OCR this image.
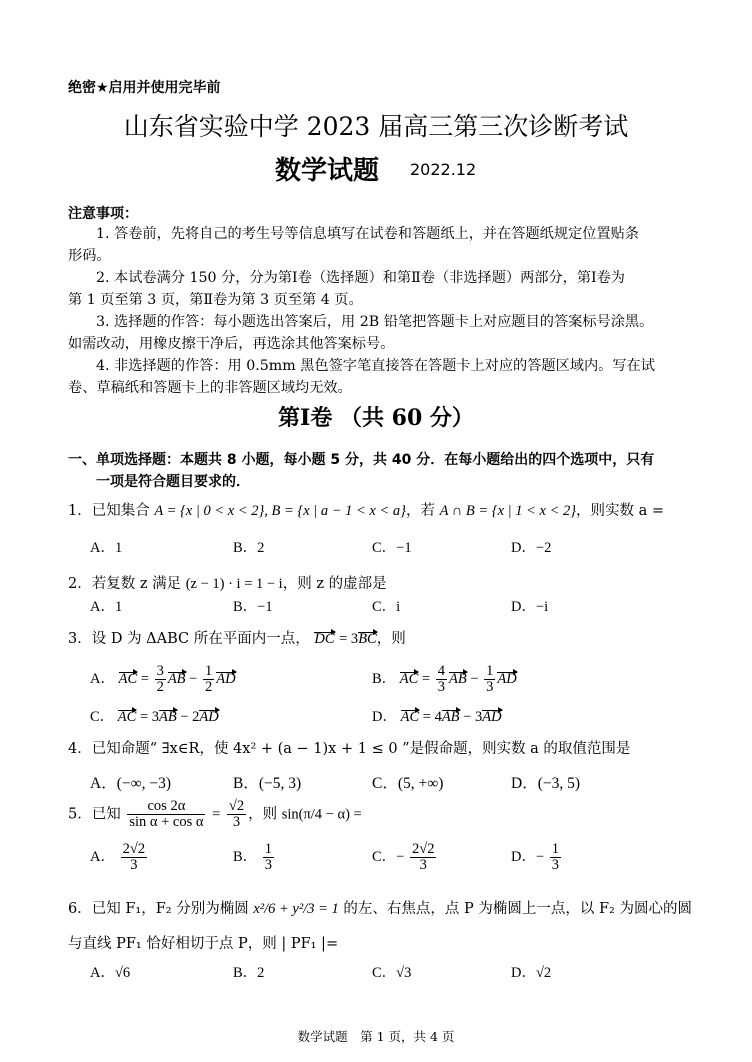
绝密★启用并使用完毕前
山东省实验中学 2023 届高三第三次诊断考试
数学试题 2022.12
注意事项：
1. 答卷前，先将自己的考生号等信息填写在试卷和答题纸上，并在答题纸规定位置贴条
形码。
2. 本试卷满分 150 分，分为第Ⅰ卷（选择题）和第Ⅱ卷（非选择题）两部分，第Ⅰ卷为
第 1 页至第 3 页，第Ⅱ卷为第 3 页至第 4 页。
3. 选择题的作答：每小题选出答案后，用 2B 铅笔把答题卡上对应题目的答案标号涂黑。
如需改动，用橡皮擦干净后，再选涂其他答案标号。
4. 非选择题的作答：用 0.5mm 黑色签字笔直接答在答题卡上对应的答题区域内。写在试
卷、草稿纸和答题卡上的非答题区域均无效。
第Ⅰ卷 （共 60 分）
一、单项选择题：本题共 8 小题，每小题 5 分，共 40 分．在每小题给出的四个选项中，只有
一项是符合题目要求的．
1．已知集合 A = {x | 0 < x < 2}, B = {x | a − 1 < x < a}，若 A ∩ B = {x | 1 < x < 2}，则实数 a =
A．1	B．2	C．−1	D．−2
2．若复数 z 满足 (z − 1) · i = 1 − i，则 z 的虚部是
A．1	B．−1	C．i	D．−i
3．设 D 为 ΔABC 所在平面内一点， DC = 3BC，则
A． AC = $\frac{3}{2}$ AB − $\frac{1}{2}$ AD	B． AC = $\frac{4}{3}$ AB − $\frac{1}{3}$ AD
C． AC = 3AB − 2AD	D． AC = 4AB − 3AD
4．已知命题“ ∃x∈R，使 4x² + (a − 1)x + 1 ≤ 0 ”是假命题，则实数 a 的取值范围是
A．(−∞, −3)	B．(−5, 3)	C．(5, +∞)	D．(−3, 5)
5．已知 $\frac{\cos 2\alpha}{\text{sin α + cos α}} = \frac{√2}{3}$ ，则 sin(π/4 − α) =
A． $\frac{2√2}{3}$	B． $\frac{1}{3}$	C．− $\frac{2√2}{3}$	D．− $\frac{1}{3}$
6．已知 F₁，F₂ 分别为椭圆 x²/6 + y²/3 = 1 的左、右焦点，点 P 为椭圆上一点，以 F₂ 为圆心的圆
与直线 PF₁ 恰好相切于点 P，则 | PF₁ |=
A．√6	B．2	C．√3	D．√2
数学试题　第 1 页，共 4 页
